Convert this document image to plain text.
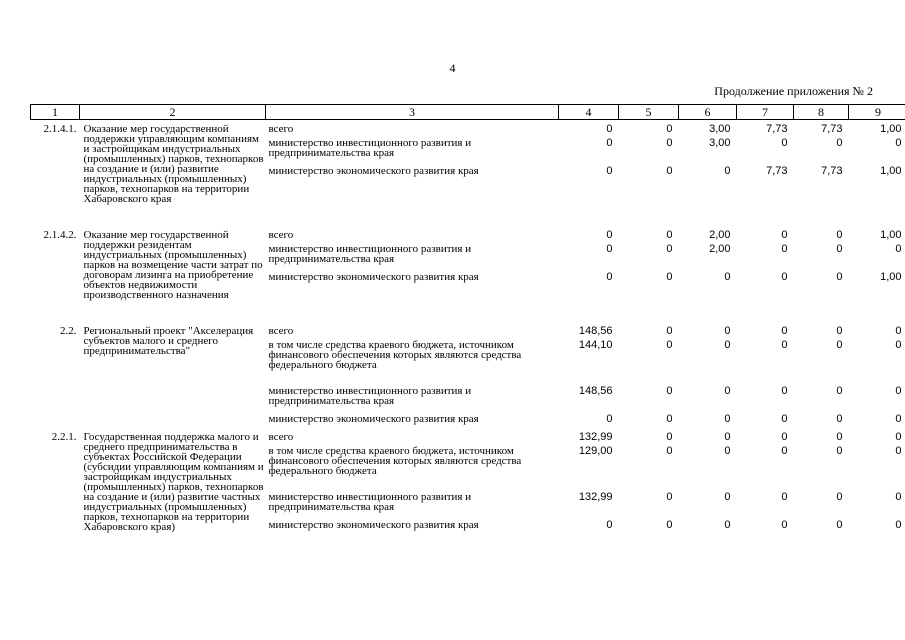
4
Продолжение приложения № 2
1	2	3	4	5	6	7	8	9
2.1.4.1.	Оказание мер государственной поддержки управляющим компаниям и застройщикам индустриальных (промышленных) парков, технопарков на создание и (или) развитие индустриальных (промышленных) парков, технопарков на территории Хабаровского края	всего	0	0	3,00	7,73	7,73	1,00
		министерство инвестиционного развития и предпринимательства края	0	0	3,00	0	0	0
		министерство экономического развития края	0	0	0	7,73	7,73	1,00
2.1.4.2.	Оказание мер государственной поддержки резидентам индустриальных (промышленных) парков на возмещение части затрат по договорам лизинга на приобретение объектов недвижимости производственного назначения	всего	0	0	2,00	0	0	1,00
		министерство инвестиционного развития и предпринимательства края	0	0	2,00	0	0	0
		министерство экономического развития края	0	0	0	0	0	1,00
2.2.	Региональный проект "Акселерация субъектов малого и среднего предпринимательства"	всего	148,56	0	0	0	0	0
		в том числе средства краевого бюджета, источником финансового обеспечения которых являются средства федерального бюджета	144,10	0	0	0	0	0
		министерство инвестиционного развития и предпринимательства края	148,56	0	0	0	0	0
		министерство экономического развития края	0	0	0	0	0	0
2.2.1.	Государственная поддержка малого и среднего предпринимательства в субъектах Российской Федерации (субсидии управляющим компаниям и застройщикам индустриальных (промышленных) парков, технопарков на создание и (или) развитие частных индустриальных (промышленных) парков, технопарков на территории Хабаровского края)	всего	132,99	0	0	0	0	0
		в том числе средства краевого бюджета, источником финансового обеспечения которых являются средства федерального бюджета	129,00	0	0	0	0	0
		министерство инвестиционного развития и предпринимательства края	132,99	0	0	0	0	0
		министерство экономического развития края	0	0	0	0	0	0
